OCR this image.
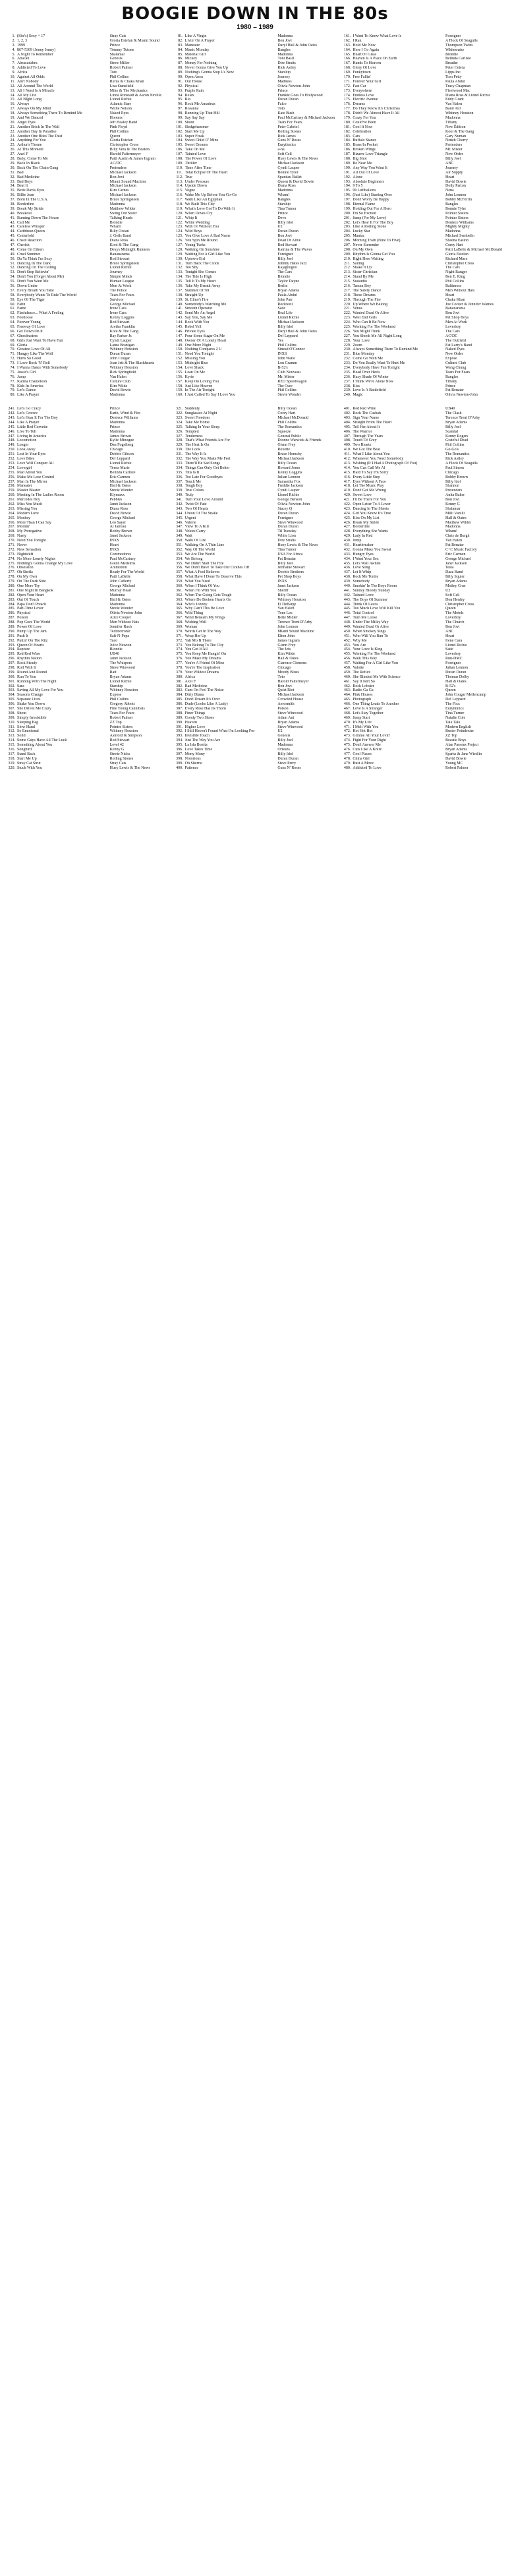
BOOGIE DOWN IN THE 80s
1980 – 1989
1. (She's) Sexy + 17	Stray Cats
2. 1, 2, 3	Gloria Estefan & Miami Sound
3. 1999	Prince
4. 867-5309 (Jenny Jenny)	Tommy Tutone
5. A Night To Remember	Shalamar
6. Abacab	Genesis
7. Abracadabra	Steve Miller
8. Addicted To Love	Robert Palmer
9. Africa	Toto
10. Against All Odds	Phil Collins
11. Ain't Nobody	Rufus & Chaka Khan
12. All Around The World	Lisa Stansfield
13. All I Need Is A Miracle	Mike & The Mechanics
14. All My Life	Linda Ronstadt & Aaron Neville
15. All Night Long	Lionel Richie
16. Always	Atlantic Starr
17. Always On My Mind	Willie Nelson
18. Always Something There To Remind Me	Naked Eyes
19. And We Danced	Hooters
20. Angel Eyes	Jeff Healey Band
21. Another Brick In The Wall	Pink Floyd
22. Another Day In Paradise	Phil Collins
23. Another One Bites The Dust	Queen
24. Anything For You	Gloria Estefan
25. Arthur's Theme	Christopher Cross
26. At This Moment	Billy Vera & The Beaters
27. Axel F	Harold Faltermeyer
28. Baby, Come To Me	Patti Austin & James Ingram
29. Back In Black	AC/DC
30. Back On The Chain Gang	Pretenders
31. Bad	Michael Jackson
32. Bad Medicine	Bon Jovi
33. Bad Boys	Miami Sound Machine
34. Beat It	Michael Jackson
35. Bette Davis Eyes	Kim Carnes
36. Billie Jean	Michael Jackson
37. Born In The U.S.A.	Bruce Springsteen
38. Borderline	Madonna
39. Break My Stride	Matthew Wilder
40. Breakout	Swing Out Sister
41. Burning Down The House	Talking Heads
42. Call Me	Blondie
43. Careless Whisper	Wham!
44. Caribbean Queen	Billy Ocean
45. Centerfold	J. Geils Band
46. Chain Reaction	Diana Ross
47. Cherish	Kool & The Gang
48. Come On Eileen	Dexys Midnight Runners
49. Cruel Summer	Bananarama
50. Da Ya Think I'm Sexy	Rod Stewart
51. Dancing In The Dark	Bruce Springsteen
52. Dancing On The Ceiling	Lionel Richie
53. Don't Stop Believin'	Journey
54. Don't You (Forget About Me)	Simple Minds
55. Don't You Want Me	Human League
56. Down Under	Men At Work
57. Every Breath You Take	The Police
58. Everybody Wants To Rule The World	Tears For Fears
59. Eye Of The Tiger	Survivor
60. Faith	George Michael
61. Fame	Irene Cara
62. Flashdance... What A Feeling	Irene Cara
63. Footloose	Kenny Loggins
64. Forever Young	Rod Stewart
65. Freeway Of Love	Aretha Franklin
66. Get Down On It	Kool & The Gang
67. Ghostbusters	Ray Parker Jr.
68. Girls Just Want To Have Fun	Cyndi Lauper
69. Gloria	Laura Branigan
70. Greatest Love Of All	Whitney Houston
71. Hungry Like The Wolf	Duran Duran
72. Hurts So Good	John Cougar
73. I Love Rock 'N' Roll	Joan Jett & The Blackhearts
74. I Wanna Dance With Somebody	Whitney Houston
75. Jessie's Girl	Rick Springfield
76. Jump	Van Halen
77. Karma Chameleon	Culture Club
78. Kids In America	Kim Wilde
79. Let's Dance	David Bowie
80. Like A Prayer	Madonna
81. Like A Virgin	Madonna
82. Livin' On A Prayer	Bon Jovi
83. Maneater	Daryl Hall & John Oates
84. Manic Monday	Bangles
85. Material Girl	Madonna
86. Mickey	Toni Basil
87. Money For Nothing	Dire Straits
88. Never Gonna Give You Up	Rick Astley
89. Nothing's Gonna Stop Us Now	Starship
90. Open Arms	Journey
91. Our House	Madness
92. Physical	Olivia Newton-John
93. Purple Rain	Prince
94. Relax	Frankie Goes To Hollywood
95. Rio	Duran Duran
96. Rock Me Amadeus	Falco
97. Rosanna	Toto
98. Running Up That Hill	Kate Bush
99. Say Say Say	Paul McCartney & Michael Jackson
100. Shout	Tears For Fears
101. Sledgehammer	Peter Gabriel
102. Start Me Up	Rolling Stones
103. Super Freak	Rick James
104. Sweet Child O' Mine	Guns N' Roses
105. Sweet Dreams	Eurythmics
106. Take On Me	a-ha
107. Tainted Love	Soft Cell
108. The Power Of Love	Huey Lewis & The News
109. Thriller	Michael Jackson
110. Time After Time	Cyndi Lauper
111. Total Eclipse Of The Heart	Bonnie Tyler
112. True	Spandau Ballet
113. Under Pressure	Queen & David Bowie
114. Upside Down	Diana Ross
115. Vogue	Madonna
116. Wake Me Up Before You Go-Go	Wham!
117. Walk Like An Egyptian	Bangles
118. We Built This City	Starship
119. What's Love Got To Do With It	Tina Turner
120. When Doves Cry	Prince
121. Whip It	Devo
122. White Wedding	Billy Idol
123. With Or Without You	U2
124. Wild Boys	Duran Duran
125. You Give Love A Bad Name	Bon Jovi
126. You Spin Me Round	Dead Or Alive
127. Young Turks	Rod Stewart
128. Walking On Sunshine	Katrina & The Waves
129. Waiting For A Girl Like You	Foreigner
130. Uptown Girl	Billy Joel
131. Turn Back The Clock	Johnny Hates Jazz
132. Too Shy	Kajagoogoo
133. Tonight She Comes	The Cars
134. The Tide Is High	Blondie
135. Tell It To My Heart	Taylor Dayne
136. Take My Breath Away	Berlin
137. Summer Of '69	Bryan Adams
138. Straight Up	Paula Abdul
139. St. Elmo's Fire	John Parr
140. Somebody's Watching Me	Rockwell
141. Smooth Operator	Sade
142. Send Me An Angel	Real Life
143. Say You, Say Me	Lionel Richie
144. Rock With You	Michael Jackson
145. Rebel Yell	Billy Idol
146. Private Eyes	Daryl Hall & John Oates
147. Pour Some Sugar On Me	Def Leppard
148. Owner Of A Lonely Heart	Yes
149. One More Night	Phil Collins
150. Nothing Compares 2 U	Sinead O'Connor
151. Need You Tonight	INXS
152. Missing You	John Waite
153. Midnight Blue	Lou Gramm
154. Love Shack	B-52's
155. Lean On Me	Club Nouveau
156. Kyrie	Mr. Mister
157. Keep On Loving You	REO Speedwagon
158. Just Like Heaven	The Cure
159. In The Air Tonight	Phil Collins
160. I Just Called To Say I Love You	Stevie Wonder
161. I Want To Know What Love Is	Foreigner
162. I Ran	A Flock Of Seagulls
163. Hold Me Now	Thompson Twins
164. Here I Go Again	Whitesnake
165. Heart Of Glass	Blondie
166. Heaven Is A Place On Earth	Belinda Carlisle
167. Hands To Heaven	Breathe
168. Glory Of Love	Peter Cetera
169. Funkytown	Lipps Inc.
170. Free Fallin'	Tom Petty
171. Forever Your Girl	Paula Abdul
172. Fast Car	Tracy Chapman
173. Everywhere	Fleetwood Mac
174. Endless Love	Diana Ross & Lionel Richie
175. Electric Avenue	Eddy Grant
176. Dreams	Van Halen
177. Do They Know It's Christmas	Band Aid
178. Didn't We Almost Have It All	Whitney Houston
179. Crazy For You	Madonna
180. Could've Been	Tiffany
181. Cool It Now	New Edition
182. Celebration	Kool & The Gang
183. Cars	Gary Numan
184. Buffalo Stance	Neneh Cherry
185. Brass In Pocket	Pretenders
186. Broken Wings	Mr. Mister
187. Bizarre Love Triangle	New Order
188. Big Shot	Billy Joel
189. Be Near Me	ABC
190. Any Way You Want It	Journey
191. All Out Of Love	Air Supply
192. Alone	Heart
193. Absolute Beginners	David Bowie
194. 9 To 5	Dolly Parton
195. 99 Luftballons	Nena
196. (Just Like) Starting Over	John Lennon
197. Don't Worry Be Happy	Bobby McFerrin
198. Eternal Flame	Bangles
199. Holding Out For A Hero	Bonnie Tyler
200. I'm So Excited	Pointer Sisters
201. Jump (For My Love)	Pointer Sisters
202. Let's Hear It For The Boy	Deniece Williams
203. Like A Rolling Stone	Mighty Mighty
204. Lucky Star	Madonna
205. Maniac	Michael Sembello
206. Morning Train (Nine To Five)	Sheena Easton
207. Never Surrender	Corey Hart
208. On My Own	Patti LaBelle & Michael McDonald
209. Rhythm Is Gonna Get You	Gloria Estefan
210. Right Here Waiting	Richard Marx
211. Sailing	Christopher Cross
212. Shake It Up	The Cars
213. Sister Christian	Night Ranger
214. Stand By Me	Ben E. King
215. Sussudio	Phil Collins
216. Tarzan Boy	Baltimora
217. The Safety Dance	Men Without Hats
218. These Dreams	Heart
219. Through The Fire	Chaka Khan
220. Up Where We Belong	Joe Cocker & Jennifer Warnes
221. Venus	Bananarama
222. Wanted Dead Or Alive	Bon Jovi
223. West End Girls	Pet Shop Boys
224. Who Can It Be Now	Men At Work
225. Working For The Weekend	Loverboy
226. You Might Think	The Cars
227. You Shook Me All Night Long	AC/DC
228. Your Love	The Outfield
229. Zoom	Fat Larry's Band
230. Always Something There To Remind Me	Naked Eyes
231. Blue Monday	New Order
232. Come Go With Me	Expose
233. Do You Really Want To Hurt Me	Culture Club
234. Everybody Have Fun Tonight	Wang Chung
235. Head Over Heels	Tears For Fears
236. Hazy Shade Of Winter	Bangles
237. I Think We're Alone Now	Tiffany
238. Kiss	Prince
239. Love Is A Battlefield	Pat Benatar
240. Magic	Olivia Newton-John
241. Let's Go Crazy	Prince
242. Let's Groove	Earth, Wind & Fire
243. Let's Hear It For The Boy	Deniece Williams
244. Like A Prayer	Madonna
245. Little Red Corvette	Prince
246. Live To Tell	Madonna
247. Living In America	James Brown
248. Locomotion	Kylie Minogue
249. Longer	Dan Fogelberg
250. Look Away	Chicago
251. Lost In Your Eyes	Debbie Gibson
252. Love Bites	Def Leppard
253. Love Will Conquer All	Lionel Richie
254. Lovergirl	Teena Marie
255. Mad About You	Belinda Carlisle
256. Make Me Lose Control	Eric Carmen
257. Man In The Mirror	Michael Jackson
258. Maneater	Hall & Oates
259. Master Blaster	Stevie Wonder
260. Meeting In The Ladies Room	Klymaxx
261. Mercedes Boy	Pebbles
262. Miss You Much	Janet Jackson
263. Missing You	Diana Ross
264. Modern Love	David Bowie
265. Monkey	George Michael
266. More Than I Can Say	Leo Sayer
267. Mornin'	Al Jarreau
268. My Prerogative	Bobby Brown
269. Nasty	Janet Jackson
270. Need You Tonight	INXS
271. Never	Heart
272. New Sensation	INXS
273. Nightshift	Commodores
274. No More Lonely Nights	Paul McCartney
275. Nothing's Gonna Change My Love	Glenn Medeiros
276. Obsession	Animotion
277. Oh Sheila	Ready For The World
278. On My Own	Patti LaBelle
279. On The Dark Side	John Cafferty
280. One More Try	George Michael
281. One Night In Bangkok	Murray Head
282. Open Your Heart	Madonna
283. Out Of Touch	Hall & Oates
284. Papa Don't Preach	Madonna
285. Part-Time Lover	Stevie Wonder
286. Physical	Olivia Newton-John
287. Poison	Alice Cooper
288. Pop Goes The World	Men Without Hats
289. Power Of Love	Jennifer Rush
290. Pump Up The Jam	Technotronic
291. Push It	Salt-N-Pepa
292. Puttin' On The Ritz	Taco
293. Queen Of Hearts	Juice Newton
294. Rapture	Blondie
295. Red Red Wine	UB40
296. Rhythm Nation	Janet Jackson
297. Rock Steady	The Whispers
298. Roll With It	Steve Winwood
299. Round And Round	Ratt
300. Run To You	Bryan Adams
301. Running With The Night	Lionel Richie
302. Sara	Starship
303. Saving All My Love For You	Whitney Houston
304. Seasons Change	Expose
305. Separate Lives	Phil Collins
306. Shake You Down	Gregory Abbott
307. She Drives Me Crazy	Fine Young Cannibals
308. Shout	Tears For Fears
309. Simply Irresistible	Robert Palmer
310. Sleeping Bag	ZZ Top
311. Slow Hand	Pointer Sisters
312. So Emotional	Whitney Houston
313. Solid	Ashford & Simpson
314. Some Guys Have All The Luck	Rod Stewart
315. Something About You	Level 42
316. Songbird	Kenny G
317. Stand Back	Stevie Nicks
318. Start Me Up	Rolling Stones
319. Stray Cat Strut	Stray Cats
320. Stuck With You	Huey Lewis & The News
321. Suddenly	Billy Ocean
322. Sunglasses At Night	Corey Hart
323. Sweet Freedom	Michael McDonald
324. Take Me Home	Phil Collins
325. Talking In Your Sleep	The Romantics
326. Tempted	Squeeze
327. Tenderness	General Public
328. That's What Friends Are For	Dionne Warwick & Friends
329. The Heat Is On	Glenn Frey
330. The Look	Roxette
331. The Way It Is	Bruce Hornsby
332. The Way You Make Me Feel	Michael Jackson
333. There'll Be Sad Songs	Billy Ocean
334. Things Can Only Get Better	Howard Jones
335. This Is It	Kenny Loggins
336. Too Late For Goodbyes	Julian Lennon
337. Touch Me	Samantha Fox
338. Tough Boy	Freddie Jackson
339. True Colors	Cyndi Lauper
340. Truly	Lionel Richie
341. Turn Your Love Around	George Benson
342. Twist Of Fate	Olivia Newton-John
343. Two Of Hearts	Stacey Q
344. Union Of The Snake	Duran Duran
345. Urgent	Foreigner
346. Valerie	Steve Winwood
347. View To A Kill	Duran Duran
348. Voices Carry	Til Tuesday
349. Wait	White Lion
350. Walk Of Life	Dire Straits
351. Walking On A Thin Line	Huey Lewis & The News
352. Way Of The World	Tina Turner
353. We Are The World	USA For Africa
354. We Belong	Pat Benatar
355. We Didn't Start The Fire	Billy Joel
356. We Don't Have To Take Our Clothes Off	Jermaine Stewart
357. What A Fool Believes	Doobie Brothers
358. What Have I Done To Deserve This	Pet Shop Boys
359. What You Need	INXS
360. When I Think Of You	Janet Jackson
361. When I'm With You	Sheriff
362. When The Going Gets Tough	Billy Ocean
363. Where Do Broken Hearts Go	Whitney Houston
364. Who's Johnny	El DeBarge
365. Why Can't This Be Love	Van Halen
366. Wild Thing	Tone Loc
367. Wind Beneath My Wings	Bette Midler
368. Wishing Well	Terence Trent D'Arby
369. Woman	John Lennon
370. Words Get In The Way	Miami Sound Machine
371. Wrap Her Up	Elton John
372. Yah Mo B There	James Ingram
373. You Belong To The City	Glenn Frey
374. You Got It All	The Jets
375. You Keep Me Hangin' On	Kim Wilde
376. You Make My Dreams	Hall & Oates
377. You're A Friend Of Mine	Clarence Clemons
378. You're The Inspiration	Chicago
379. Your Wildest Dreams	Moody Blues
380. Africa	Toto
381. Axel F	Harold Faltermeyer
382. Bad Medicine	Bon Jovi
383. Cum On Feel The Noize	Quiet Riot
384. Dirty Diana	Michael Jackson
385. Don't Dream It's Over	Crowded House
386. Dude (Looks Like A Lady)	Aerosmith
387. Every Rose Has Its Thorn	Poison
388. Finer Things	Steve Winwood
389. Goody Two Shoes	Adam Ant
390. Heaven	Bryan Adams
391. Higher Love	Steve Winwood
392. I Still Haven't Found What I'm Looking For	U2
393. Invisible Touch	Genesis
394. Just The Way You Are	Billy Joel
395. La Isla Bonita	Madonna
396. Love Takes Time	Orleans
397. Mony Mony	Billy Idol
398. Notorious	Duran Duran
399. Oh Sherrie	Steve Perry
400. Patience	Guns N' Roses
401. Red Red Wine	UB40
402. Rock The Casbah	The Clash
403. Sign Your Name	Terence Trent D'Arby
404. Straight From The Heart	Bryan Adams
405. Tell Her About It	Billy Joel
406. The Warrior	Scandal
407. Through The Years	Kenny Rogers
408. Touch Of Grey	Grateful Dead
409. Two Hearts	Phil Collins
410. We Got The Beat	Go-Go's
411. What I Like About You	The Romantics
412. Whenever You Need Somebody	Rick Astley
413. Wishing (If I Had A Photograph Of You)	A Flock Of Seagulls
414. You Can Call Me Al	Paul Simon
415. Hard To Say I'm Sorry	Chicago
416. Every Little Step	Bobby Brown
417. Eyes Without A Face	Billy Idol
418. Let The Music Play	Shannon
419. Don't Get Me Wrong	Pretenders
420. Sweet Love	Anita Baker
421. I'll Be There For You	Bon Jovi
422. Open Letter To A Lover	Kenny G
423. Dancing In The Sheets	Shalamar
424. Girl You Know It's True	Milli Vanilli
425. Kiss On My List	Hall & Oates
426. Break My Stride	Matthew Wilder
427. Borderline	Madonna
428. Everything She Wants	Wham!
429. Lady In Red	Chris de Burgh
430. Jump	Van Halen
431. Heartbreaker	Pat Benatar
432. Gonna Make You Sweat	C+C Music Factory
433. Hungry Eyes	Eric Carmen
434. I Want Your Sex	George Michael
435. Let's Wait Awhile	Janet Jackson
436. Love Song	Tesla
437. Let It Whip	Dazz Band
438. Rock Me Tonite	Billy Squier
439. Somebody	Bryan Adams
440. Smokin' In The Boys Room	Motley Crue
441. Sunday Bloody Sunday	U2
442. Tainted Love	Soft Cell
443. The Boys Of Summer	Don Henley
444. Think Of Laura	Christopher Cross
445. Too Much Love Will Kill You	Queen
446. Total Control	The Motels
447. Turn Me Loose	Loverboy
448. Under The Milky Way	The Church
449. Wanted Dead Or Alive	Bon Jovi
450. When Smokey Sings	ABC
451. Who Will You Run To	Heart
452. Why Me	Irene Cara
453. You Are	Lionel Richie
454. Your Love Is King	Sade
455. Working For The Weekend	Loverboy
456. Walk This Way	Run-DMC
457. Waiting For A Girl Like You	Foreigner
458. Valotte	Julian Lennon
459. The Reflex	Duran Duran
460. She Blinded Me With Science	Thomas Dolby
461. Say It Isn't So	Hall & Oates
462. Rock Lobster	B-52's
463. Radio Ga Ga	Queen
464. Pink Houses	John Cougar Mellencamp
465. Photograph	Def Leppard
466. One Thing Leads To Another	The Fixx
467. Love Is A Stranger	Eurythmics
468. Let's Stay Together	Tina Turner
469. Jump Start	Natalie Cole
470. It's My Life	Talk Talk
471. I Melt With You	Modern English
472. Hot Hot Hot	Buster Poindexter
473. Gimme All Your Lovin'	ZZ Top
474. Fight For Your Right	Beastie Boys
475. Don't Answer Me	Alan Parsons Project
476. Cuts Like A Knife	Bryan Adams
477. Cool Places	Sparks & Jane Wiedlin
478. China Girl	David Bowie
479. Bust A Move	Young MC
480. Addicted To Love	Robert Palmer
